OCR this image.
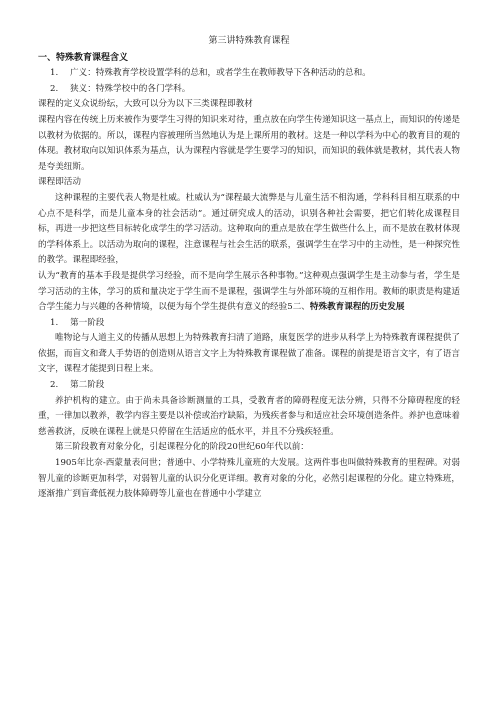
第三讲特殊教育课程
一、特殊教育课程含义
1.	广义：特殊教育学校设置学科的总和，或者学生在教师教导下各种活动的总和。
2.	狭义：特殊学校中的各门学科。

课程的定义众说纷纭，大致可以分为以下三类课程即教材

课程内容在传统上历来被作为要学生习得的知识来对待，重点放在向学生传递知识这一基点上，而知识的传递是以教材为依据的。所以，课程内容被理所当然地认为是上课所用的教材。这是一种以学科为中心的教育目的观的体现。教材取向以知识体系为基点，认为课程内容就是学生要学习的知识，而知识的载体就是教材，其代表人物是夸美纽斯。

课程即活动

这种课程的主要代表人物是杜威。杜威认为“课程最大流弊是与儿童生活不相沟通，学科科目相互联系的中心点不是科学，而是儿童本身的社会活动”。通过研究成人的活动，识别各种社会需要，把它们转化成课程目标，再进一步把这些目标转化成学生的学习活动。这种取向的重点是放在学生做些什么上，而不是放在教材体现的学科体系上。以活动为取向的课程，注意课程与社会生活的联系，强调学生在学习中的主动性，是一种探究性的教学。课程即经验，

认为“教育的基本手段是提供学习经验，而不是向学生展示各种事物。”这种观点强调学生是主动参与者，学生是学习活动的主体，学习的质和量决定于学生而不是课程，强调学生与外部环境的互相作用。教师的职责是构建适合学生能力与兴趣的各种情境，以便为每个学生提供有意义的经验5二、特殊教育课程的历史发展

1.	第一阶段

唯物论与人道主义的传播从思想上为特殊教育扫清了道路，康复医学的进步从科学上为特殊教育课程提供了依据，而盲文和聋人手势语的创造则从语言文字上为特殊教育课程做了准备。课程的前提是语言文字，有了语言文字，课程才能提到日程上来。

2.	第二阶段

养护机构的建立。由于尚未具备诊断测量的工具，受教育者的障碍程度无法分辨，只得不分障碍程度的轻重，一律加以教养，教学内容主要是以补偿或治疗缺陷，为残疾者参与和适应社会环境创造条件。养护也意味着慈善救济，反映在课程上就是只停留在生活适应的低水平，并且不分残疾轻重。

第三阶段教育对象分化，引起课程分化的阶段20世纪60年代以前：

1905年比奈-西蒙量表问世；普通中、小学特殊儿童班的大发展。这两件事也叫做特殊教育的里程碑。对弱智儿童的诊断更加科学，对弱智儿童的认识分化更详细。教育对象的分化，必然引起课程的分化。建立特殊班，逐渐推广到盲聋低视力肢体障碍等儿童也在普通中小学建立
